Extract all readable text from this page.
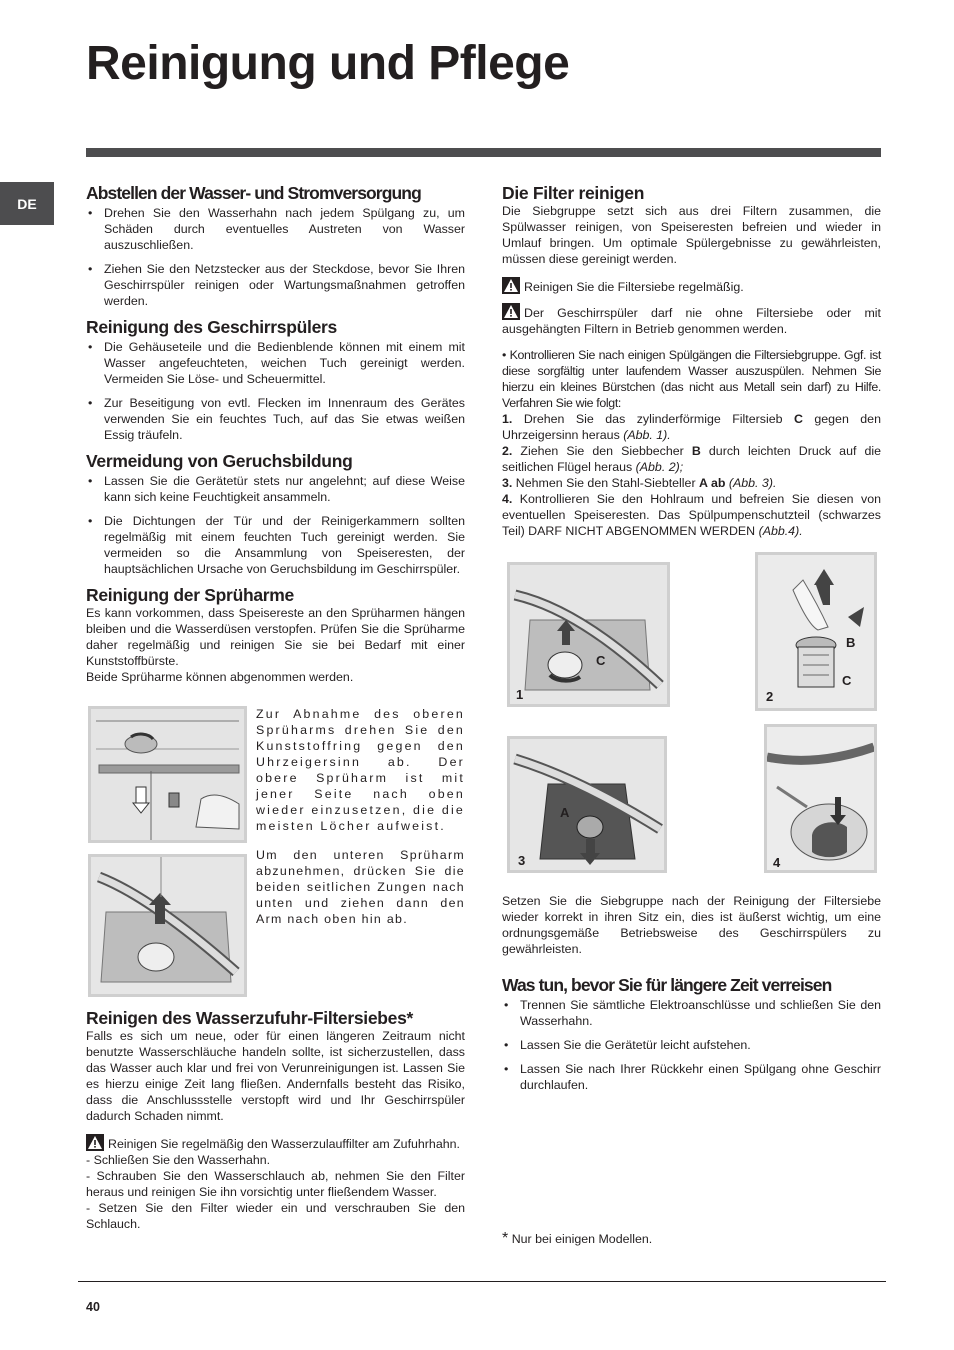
Reinigung und Pflege
DE
Abstellen der Wasser- und Stromversorgung
• Drehen Sie den Wasserhahn nach jedem Spülgang zu, um Schäden durch eventuelles Austreten von Wasser auszuschließen.
• Ziehen Sie den Netzstecker aus der Steckdose, bevor Sie Ihren Geschirrspüler reinigen oder Wartungsmaßnahmen getroffen werden.
Reinigung des Geschirrspülers
• Die Gehäuseteile und die Bedienblende können mit einem mit Wasser angefeuchteten, weichen Tuch gereinigt werden. Vermeiden Sie Löse- und Scheuermittel.
• Zur Beseitigung von evtl. Flecken im Innenraum des Gerätes verwenden Sie ein feuchtes Tuch, auf das Sie etwas weißen Essig träufeln.
Vermeidung von Geruchsbildung
• Lassen Sie die Gerätetür stets nur angelehnt; auf diese Weise kann sich keine Feuchtigkeit ansammeln.
• Die Dichtungen der Tür und der Reinigerkammern sollten regelmäßig mit einem feuchten Tuch gereinigt werden. Sie vermeiden so die Ansammlung von Speiseresten, der hauptsächlichen Ursache von Geruchsbildung im Geschirrspüler.
Reinigung der Sprüharme

Es kann vorkommen, dass Speisereste an den Sprüharmen hängen bleiben und die Wasserdüsen verstopfen. Prüfen Sie die Sprüharme daher regelmäßig und reinigen Sie sie bei Bedarf mit einer Kunststoffbürste.

Beide Sprüharme können abgenommen werden.

Zur Abnahme des oberen Sprüharms drehen Sie den Kunststoffring gegen den Uhrzeigersinn ab. Der obere Sprüharm ist mit jener Seite nach oben wieder einzusetzen, die die meisten Löcher aufweist.
Um den unteren Sprüharm abzunehmen, drücken Sie die beiden seitlichen Zungen nach unten und ziehen dann den Arm nach oben hin ab.
Reinigen des Wasserzufuhr-Filtersiebes*

Falls es sich um neue, oder für einen längeren Zeitraum nicht benutzte Wasserschläuche handeln sollte, ist sicherzustellen, dass das Wasser auch klar und frei von Verunreinigungen ist. Lassen Sie es hierzu einige Zeit lang fließen. Andernfalls besteht das Risiko, dass die Anschlussstelle verstopft wird und Ihr Geschirrspüler dadurch Schaden nimmt.

Reinigen Sie regelmäßig den Wasserzulauffilter am Zufuhrhahn.

- Schließen Sie den Wasserhahn.

- Schrauben Sie den Wasserschlauch ab, nehmen Sie den Filter heraus und reinigen Sie ihn vorsichtig unter fließendem Wasser.

- Setzen Sie den Filter wieder ein und verschrauben Sie den Schlauch.

Die Filter reinigen

Die Siebgruppe setzt sich aus drei Filtern zusammen, die Spülwasser reinigen, von Speiseresten befreien und wieder in Umlauf bringen. Um optimale Spülergebnisse zu gewährleisten, müssen diese gereinigt werden.

Reinigen Sie die Filtersiebe regelmäßig.

Der Geschirrspüler darf nie ohne Filtersiebe oder mit ausgehängten Filtern in Betrieb genommen werden.

• Kontrollieren Sie nach einigen Spülgängen die Filtersiebgruppe. Ggf. ist diese sorgfältig unter laufendem Wasser auszuspülen. Nehmen Sie hierzu ein kleines Bürstchen (das nicht aus Metall sein darf) zu Hilfe. Verfahren Sie wie folgt:

1. Drehen Sie das zylinderförmige Filtersieb C gegen den Uhrzeigersinn heraus (Abb. 1).

2. Ziehen Sie den Siebbecher B durch leichten Druck auf die seitlichen Flügel heraus (Abb. 2);

3. Nehmen Sie den Stahl-Siebteller A ab (Abb. 3).

4. Kontrollieren Sie den Hohlraum und befreien Sie diesen von eventuellen Speiseresten. Das Spülpumpenschutzteil (schwarzes Teil) DARF NICHT ABGENOMMEN WERDEN (Abb.4).

C
1
B
C
2
A
3	4

Setzen Sie die Siebgruppe nach der Reinigung der Filtersiebe wieder korrekt in ihren Sitz ein, dies ist äußerst wichtig, um eine ordnungsgemäße Betriebsweise des Geschirrspülers zu gewährleisten.

Was tun, bevor Sie für längere Zeit verreisen
• Trennen Sie sämtliche Elektroanschlüsse und schließen Sie den Wasserhahn.
• Lassen Sie die Gerätetür leicht aufstehen.
• Lassen Sie nach Ihrer Rückkehr einen Spülgang ohne Geschirr durchlaufen.
* Nur bei einigen Modellen.
40
